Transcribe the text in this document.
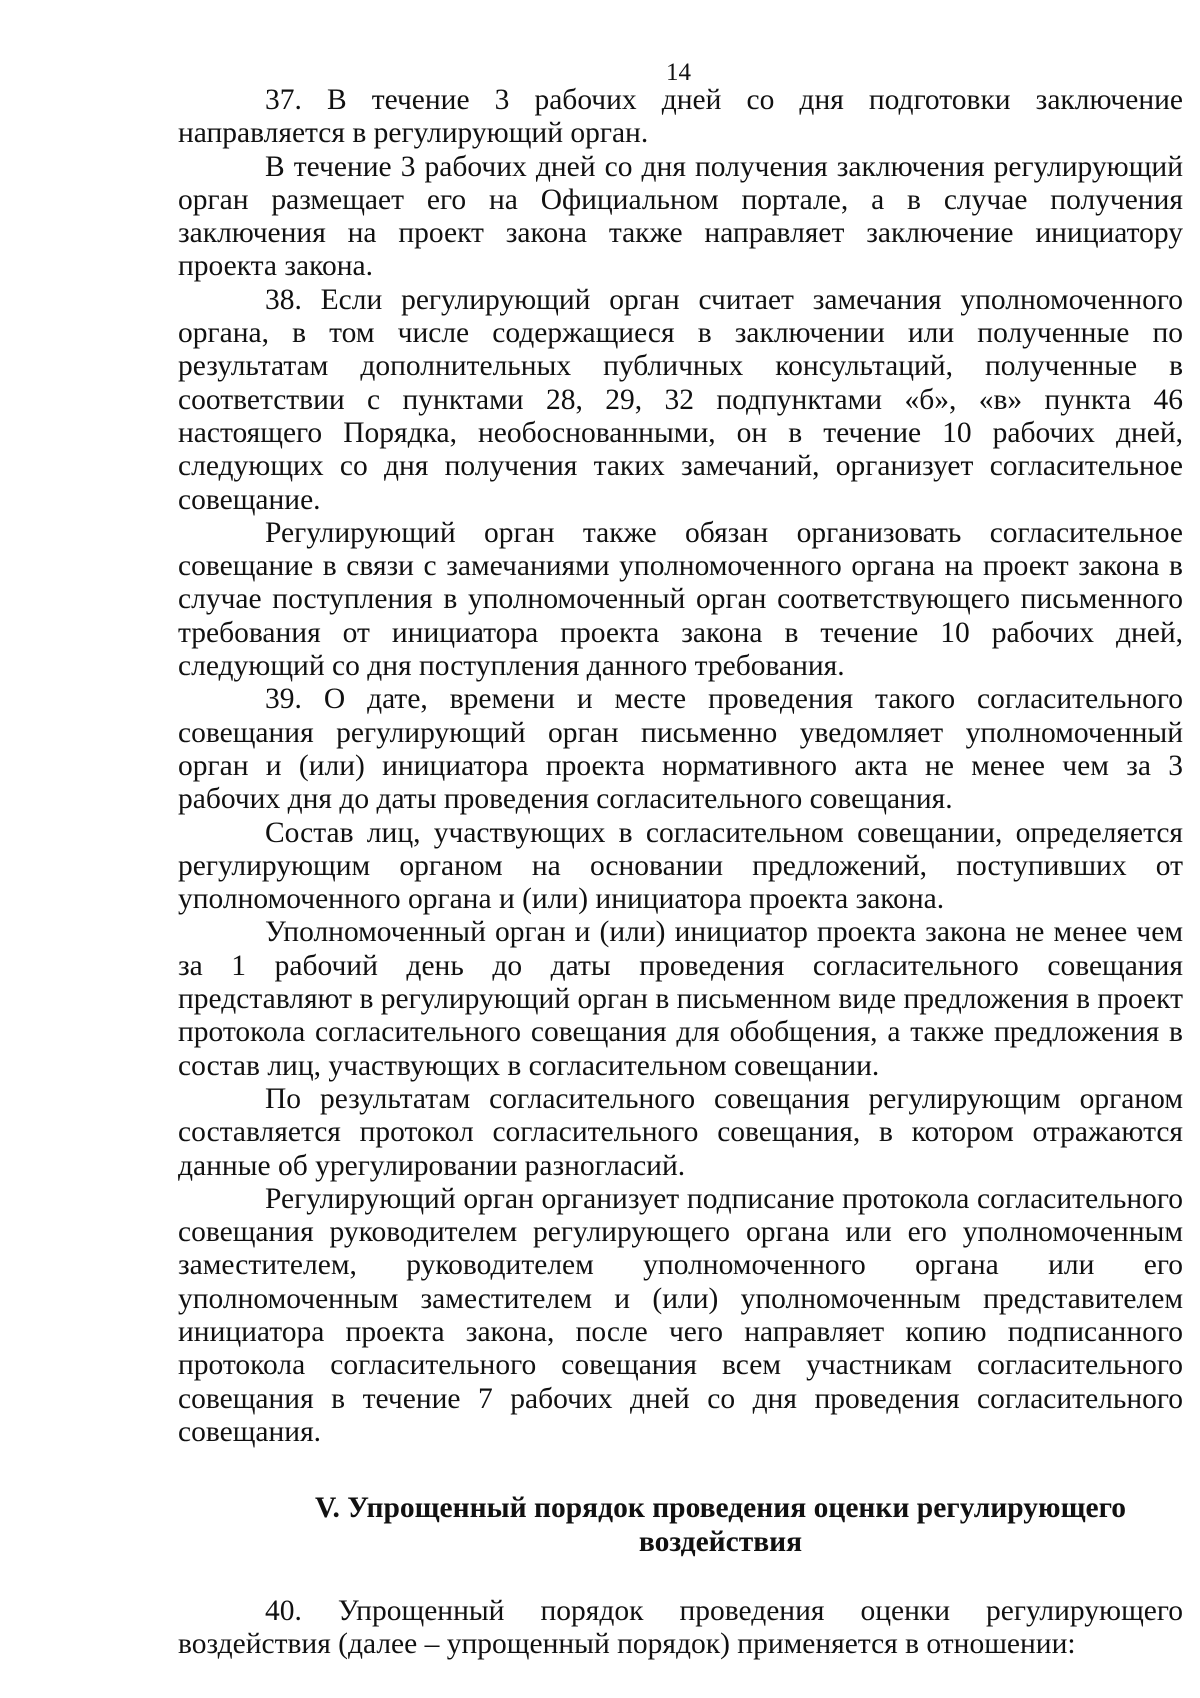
14

37. В течение 3 рабочих дней со дня подготовки заключение направляется в регулирующий орган.

В течение 3 рабочих дней со дня получения заключения регулирующий орган размещает его на Официальном портале, а в случае получения заключения на проект закона также направляет заключение инициатору проекта закона.

38. Если регулирующий орган считает замечания уполномоченного органа, в том числе содержащиеся в заключении или полученные по результатам дополнительных публичных консультаций, полученные в соответствии с пунктами 28, 29, 32 подпунктами «б», «в» пункта 46 настоящего Порядка, необоснованными, он в течение 10 рабочих дней, следующих со дня получения таких замечаний, организует согласительное совещание.

Регулирующий орган также обязан организовать согласительное совещание в связи с замечаниями уполномоченного органа на проект закона в случае поступления в уполномоченный орган соответствующего письменного требования от инициатора проекта закона в течение 10 рабочих дней, следующий со дня поступления данного требования.

39. О дате, времени и месте проведения такого согласительного совещания регулирующий орган письменно уведомляет уполномоченный орган и (или) инициатора проекта нормативного акта не менее чем за 3 рабочих дня до даты проведения согласительного совещания.

Состав лиц, участвующих в согласительном совещании, определяется регулирующим органом на основании предложений, поступивших от уполномоченного органа и (или) инициатора проекта закона.

Уполномоченный орган и (или) инициатор проекта закона не менее чем за 1 рабочий день до даты проведения согласительного совещания представляют в регулирующий орган в письменном виде предложения в проект протокола согласительного совещания для обобщения, а также предложения в состав лиц, участвующих в согласительном совещании.

По результатам согласительного совещания регулирующим органом составляется протокол согласительного совещания, в котором отражаются данные об урегулировании разногласий.

Регулирующий орган организует подписание протокола согласительного совещания руководителем регулирующего органа или его уполномоченным заместителем, руководителем уполномоченного органа или его уполномоченным заместителем и (или) уполномоченным представителем инициатора проекта закона, после чего направляет копию подписанного протокола согласительного совещания всем участникам согласительного совещания в течение 7 рабочих дней со дня проведения согласительного совещания.

V. Упрощенный порядок проведения оценки регулирующего воздействия

40. Упрощенный порядок проведения оценки регулирующего воздействия (далее – упрощенный порядок) применяется в отношении:
